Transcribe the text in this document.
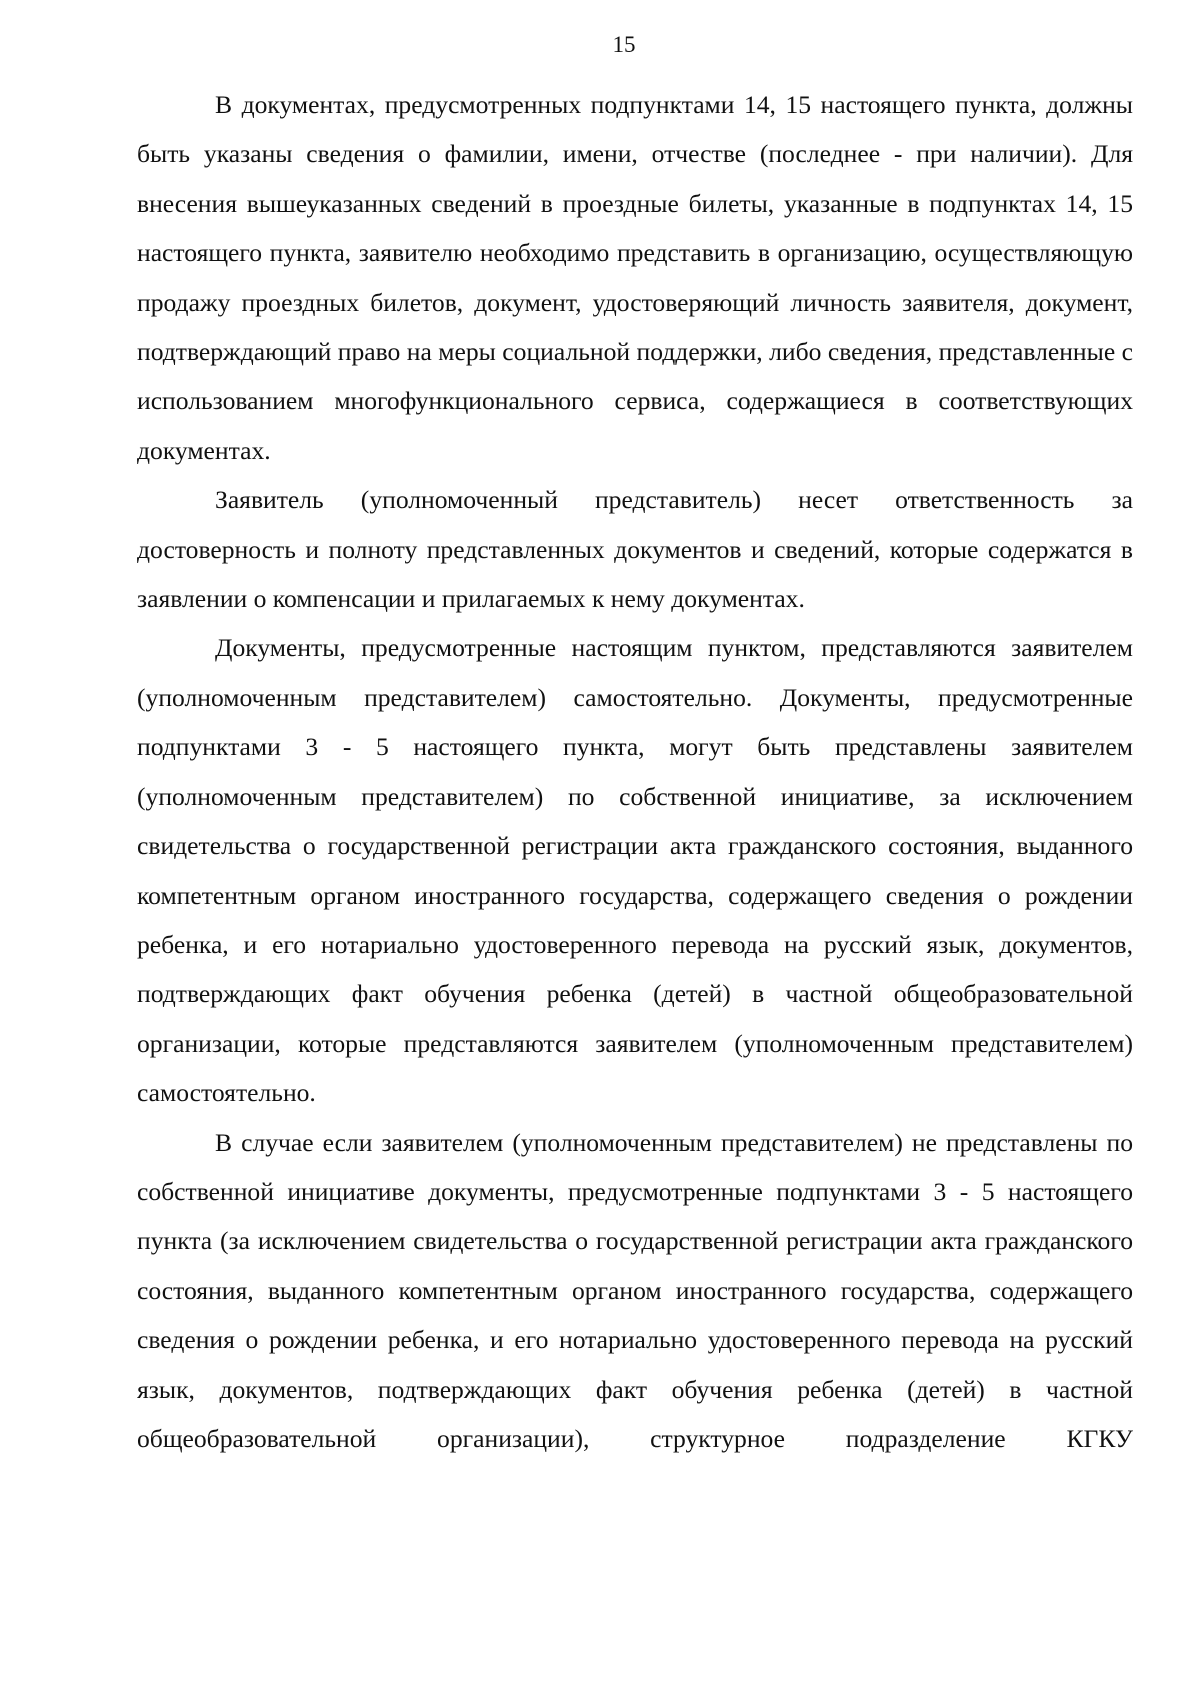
15

В документах, предусмотренных подпунктами 14, 15 настоящего пункта, должны быть указаны сведения о фамилии, имени, отчестве (последнее - при наличии). Для внесения вышеуказанных сведений в проездные билеты, указанные в подпунктах 14, 15 настоящего пункта, заявителю необходимо представить в организацию, осуществляющую продажу проездных билетов, документ, удостоверяющий личность заявителя, документ, подтверждающий право на меры социальной поддержки, либо сведения, представленные с использованием многофункционального сервиса, содержащиеся в соответствующих документах.

Заявитель (уполномоченный представитель) несет ответственность за достоверность и полноту представленных документов и сведений, которые содержатся в заявлении о компенсации и прилагаемых к нему документах.

Документы, предусмотренные настоящим пунктом, представляются заявителем (уполномоченным представителем) самостоятельно. Документы, предусмотренные подпунктами 3 - 5 настоящего пункта, могут быть представлены заявителем (уполномоченным представителем) по собственной инициативе, за исключением свидетельства о государственной регистрации акта гражданского состояния, выданного компетентным органом иностранного государства, содержащего сведения о рождении ребенка, и его нотариально удостоверенного перевода на русский язык, документов, подтверждающих факт обучения ребенка (детей) в частной общеобразовательной организации, которые представляются заявителем (уполномоченным представителем) самостоятельно.

В случае если заявителем (уполномоченным представителем) не представлены по собственной инициативе документы, предусмотренные подпунктами 3 - 5 настоящего пункта (за исключением свидетельства о государственной регистрации акта гражданского состояния, выданного компетентным органом иностранного государства, содержащего сведения о рождении ребенка, и его нотариально удостоверенного перевода на русский язык, документов, подтверждающих факт обучения ребенка (детей) в частной общеобразовательной организации), структурное подразделение КГКУ
